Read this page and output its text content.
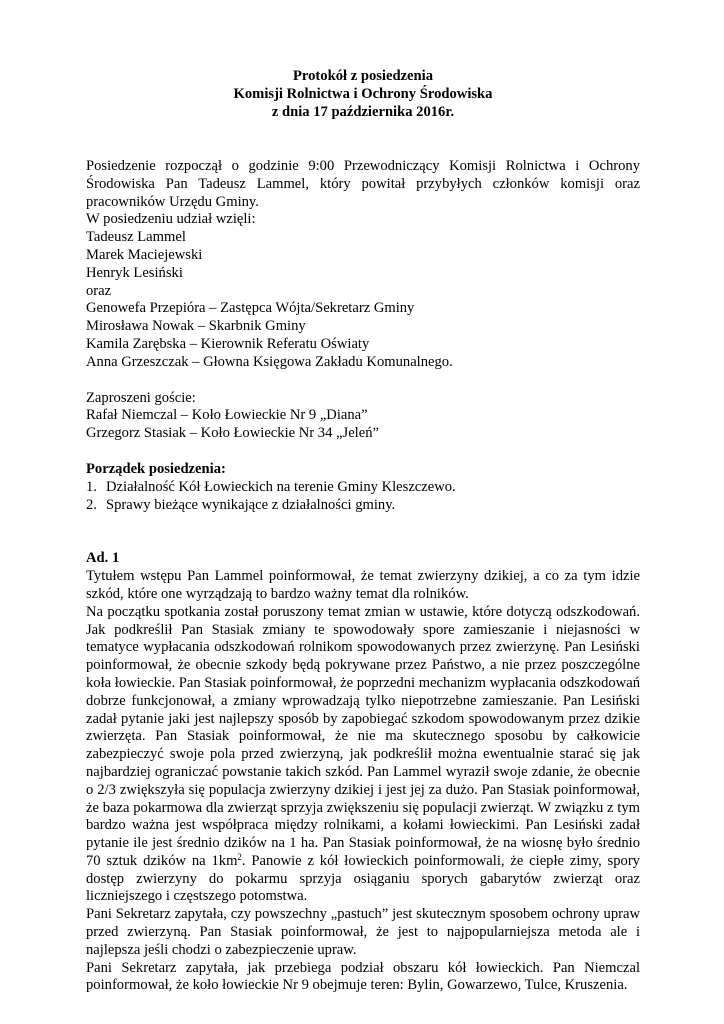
Protokół z posiedzenia
Komisji Rolnictwa i Ochrony Środowiska
z dnia 17 października 2016r.

Posiedzenie rozpoczął o godzinie 9:00 Przewodniczący Komisji Rolnictwa i Ochrony Środowiska Pan Tadeusz Lammel, który powitał przybyłych członków komisji oraz pracowników Urzędu Gminy.

W posiedzeniu udział wzięli:
Tadeusz Lammel
Marek Maciejewski
Henryk Lesiński
oraz
Genowefa Przepióra – Zastępca Wójta/Sekretarz Gminy
Mirosława Nowak – Skarbnik Gminy
Kamila Zarębska – Kierownik Referatu Oświaty
Anna Grzeszczak – Głowna Księgowa Zakładu Komunalnego.
Zaproszeni goście:
Rafał Niemczal – Koło Łowieckie Nr 9 „Diana”
Grzegorz Stasiak – Koło Łowieckie Nr 34 „Jeleń”
Porządek posiedzenia:
1. Działalność Kół Łowieckich na terenie Gminy Kleszczewo.
2. Sprawy bieżące wynikające z działalności gminy.
Ad. 1

Tytułem wstępu Pan Lammel poinformował, że temat zwierzyny dzikiej, a co za tym idzie szkód, które one wyrządzają to bardzo ważny temat dla rolników.

Na początku spotkania został poruszony temat zmian w ustawie, które dotyczą odszkodowań. Jak podkreślił Pan Stasiak zmiany te spowodowały spore zamieszanie i niejasności w tematyce wypłacania odszkodowań rolnikom spowodowanych przez zwierzynę. Pan Lesiński poinformował, że obecnie szkody będą pokrywane przez Państwo, a nie przez poszczególne koła łowieckie. Pan Stasiak poinformował, że poprzedni mechanizm wypłacania odszkodowań dobrze funkcjonował, a zmiany wprowadzają tylko niepotrzebne zamieszanie. Pan Lesiński zadał pytanie jaki jest najlepszy sposób by zapobiegać szkodom spowodowanym przez dzikie zwierzęta. Pan Stasiak poinformował, że nie ma skutecznego sposobu by całkowicie zabezpieczyć swoje pola przed zwierzyną, jak podkreślił można ewentualnie starać się jak najbardziej ograniczać powstanie takich szkód. Pan Lammel wyraził swoje zdanie, że obecnie o 2/3 zwiększyła się populacja zwierzyny dzikiej i jest jej za dużo. Pan Stasiak poinformował, że baza pokarmowa dla zwierząt sprzyja zwiększeniu się populacji zwierząt. W związku z tym bardzo ważna jest współpraca między rolnikami, a kołami łowieckimi. Pan Lesiński zadał pytanie ile jest średnio dzików na 1 ha. Pan Stasiak poinformował, że na wiosnę było średnio 70 sztuk dzików na $1km^2$. Panowie z kół łowieckich poinformowali, że ciepłe zimy, spory dostęp zwierzyny do pokarmu sprzyja osiąganiu sporych gabarytów zwierząt oraz liczniejszego i częstszego potomstwa.

Pani Sekretarz zapytała, czy powszechny „pastuch” jest skutecznym sposobem ochrony upraw przed zwierzyną. Pan Stasiak poinformował, że jest to najpopularniejsza metoda ale i najlepsza jeśli chodzi o zabezpieczenie upraw.

Pani Sekretarz zapytała, jak przebiega podział obszaru kół łowieckich. Pan Niemczal poinformował, że koło łowieckie Nr 9 obejmuje teren: Bylin, Gowarzewo, Tulce, Kruszenia.
